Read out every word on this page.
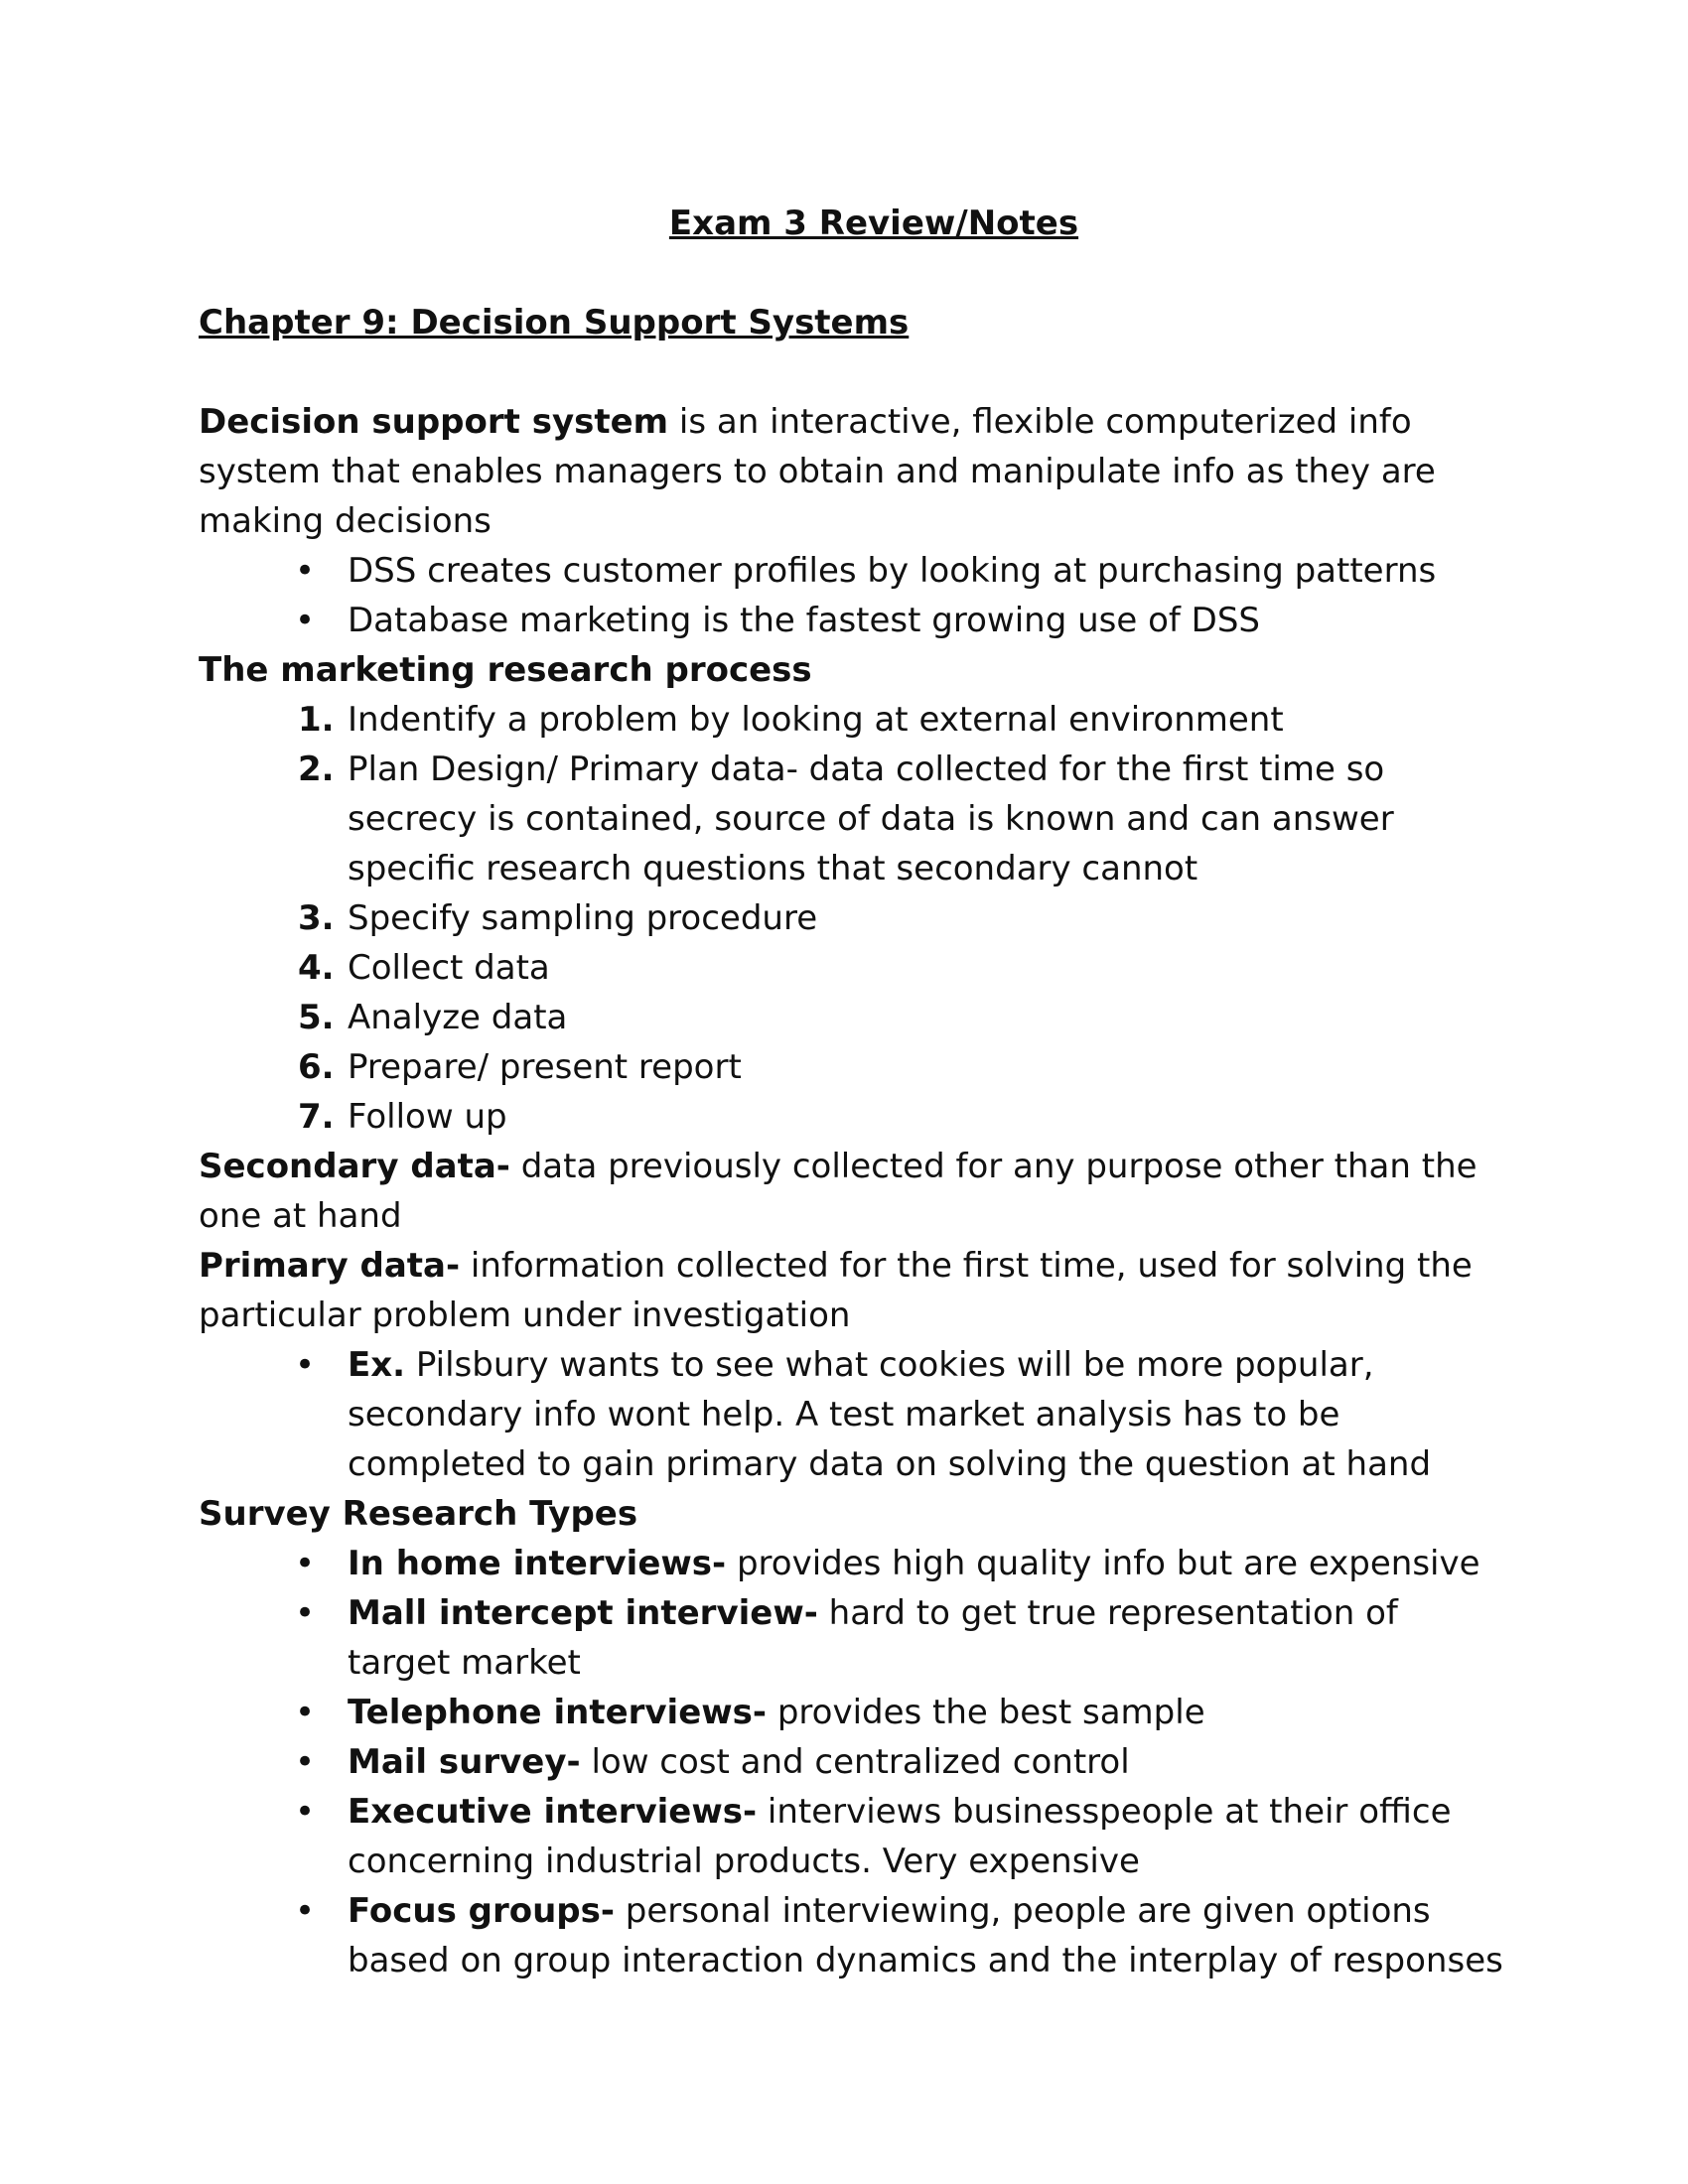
Exam 3 Review/Notes

Chapter 9: Decision Support Systems

Decision support system is an interactive, flexible computerized info system that enables managers to obtain and manipulate info as they are making decisions

• DSS creates customer profiles by looking at purchasing patterns
• Database marketing is the fastest growing use of DSS

The marketing research process

1. Indentify a problem by looking at external environment
2. Plan Design/ Primary data- data collected for the first time so secrecy is contained, source of data is known and can answer specific research questions that secondary cannot
3. Specify sampling procedure
4. Collect data
5. Analyze data
6. Prepare/ present report
7. Follow up

Secondary data- data previously collected for any purpose other than the one at hand

Primary data- information collected for the first time, used for solving the particular problem under investigation

• Ex. Pilsbury wants to see what cookies will be more popular, secondary info wont help. A test market analysis has to be completed to gain primary data on solving the question at hand

Survey Research Types

• In home interviews- provides high quality info but are expensive
• Mall intercept interview- hard to get true representation of target market
• Telephone interviews- provides the best sample
• Mail survey- low cost and centralized control
• Executive interviews- interviews businesspeople at their office concerning industrial products. Very expensive
• Focus groups- personal interviewing, people are given options based on group interaction dynamics and the interplay of responses
